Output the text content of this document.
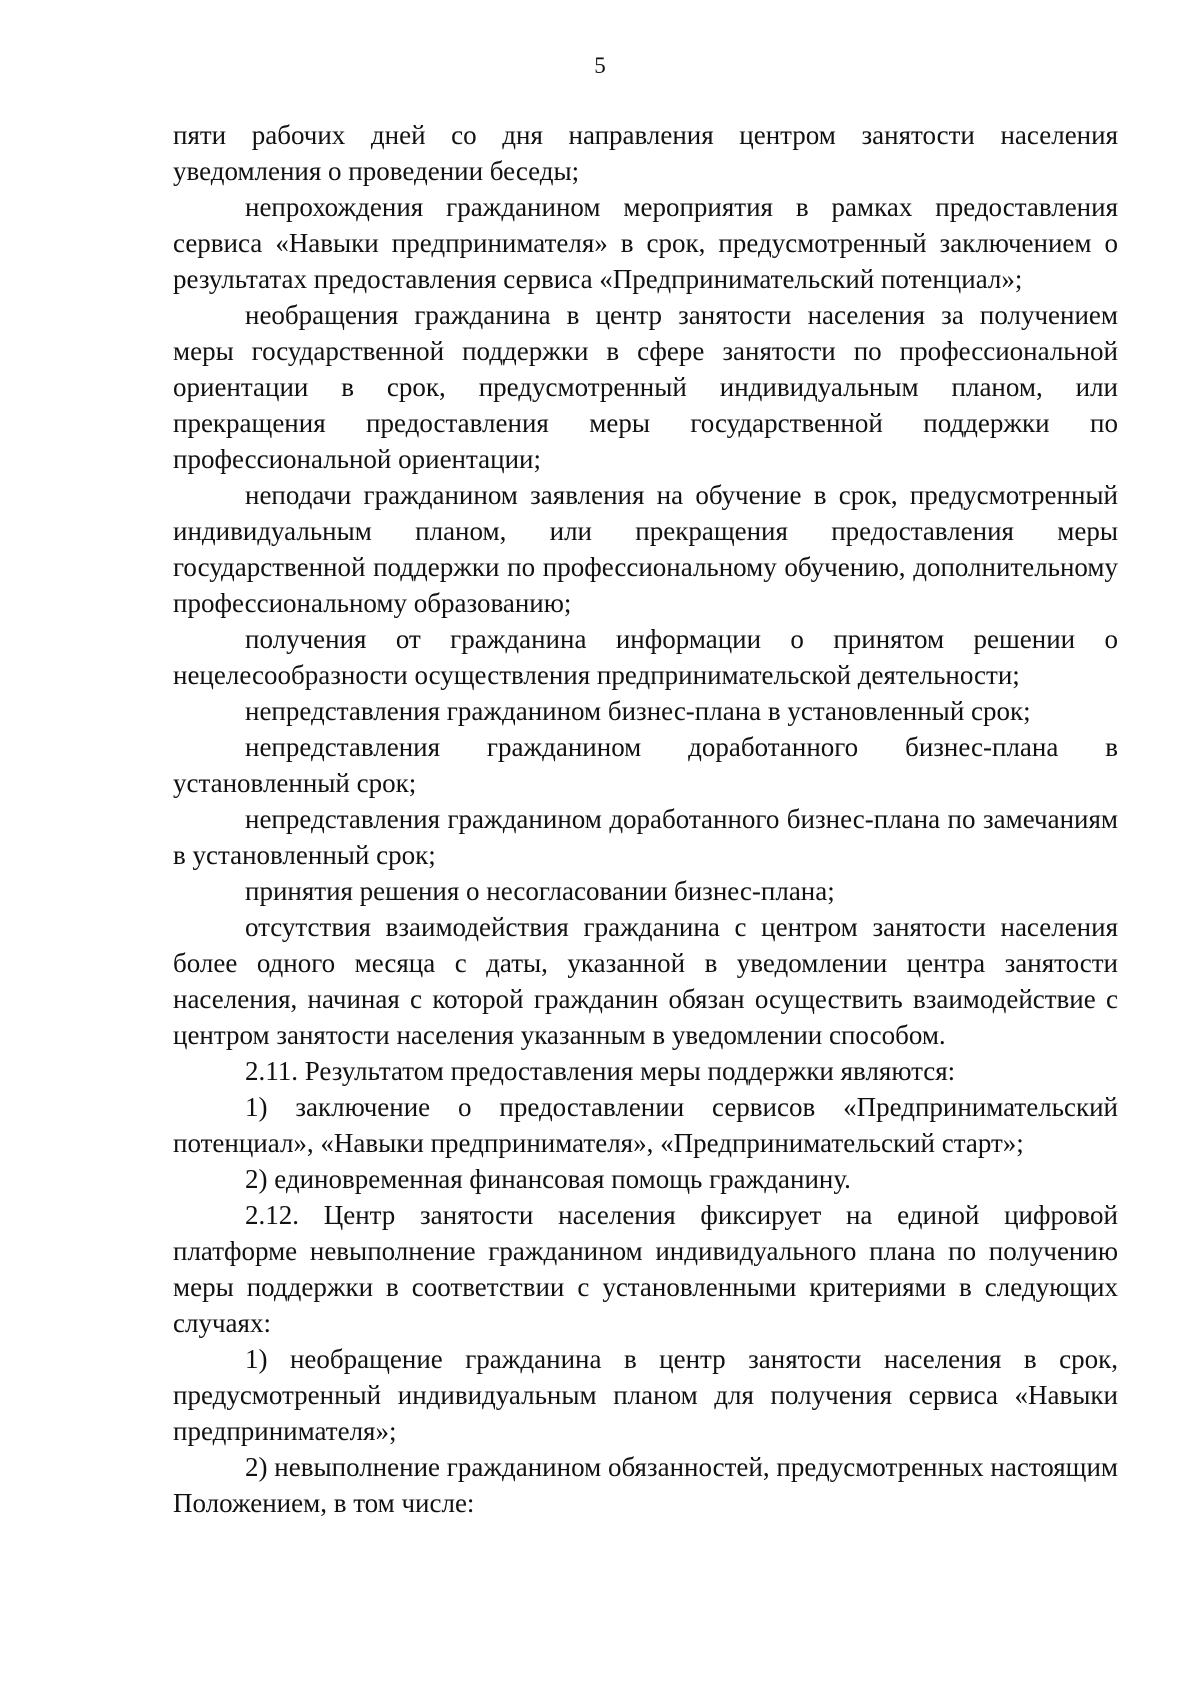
5

пяти рабочих дней со дня направления центром занятости населения уведомления о проведении беседы;

непрохождения гражданином мероприятия в рамках предоставления сервиса «Навыки предпринимателя» в срок, предусмотренный заключением о результатах предоставления сервиса «Предпринимательский потенциал»;

необращения гражданина в центр занятости населения за получением меры государственной поддержки в сфере занятости по профессиональной ориентации в срок, предусмотренный индивидуальным планом, или прекращения предоставления меры государственной поддержки по профессиональной ориентации;

неподачи гражданином заявления на обучение в срок, предусмотренный индивидуальным планом, или прекращения предоставления меры государственной поддержки по профессиональному обучению, дополнительному профессиональному образованию;

получения от гражданина информации о принятом решении о нецелесообразности осуществления предпринимательской деятельности;

непредставления гражданином бизнес-плана в установленный срок;

непредставления гражданином доработанного бизнес-плана в установленный срок;

непредставления гражданином доработанного бизнес-плана по замечаниям в установленный срок;

принятия решения о несогласовании бизнес-плана;

отсутствия взаимодействия гражданина с центром занятости населения более одного месяца с даты, указанной в уведомлении центра занятости населения, начиная с которой гражданин обязан осуществить взаимодействие с центром занятости населения указанным в уведомлении способом.

2.11. Результатом предоставления меры поддержки являются:

1) заключение о предоставлении сервисов «Предпринимательский потенциал», «Навыки предпринимателя», «Предпринимательский старт»;

2) единовременная финансовая помощь гражданину.

2.12. Центр занятости населения фиксирует на единой цифровой платформе невыполнение гражданином индивидуального плана по получению меры поддержки в соответствии с установленными критериями в следующих случаях:

1) необращение гражданина в центр занятости населения в срок, предусмотренный индивидуальным планом для получения сервиса «Навыки предпринимателя»;

2) невыполнение гражданином обязанностей, предусмотренных настоящим Положением, в том числе:
